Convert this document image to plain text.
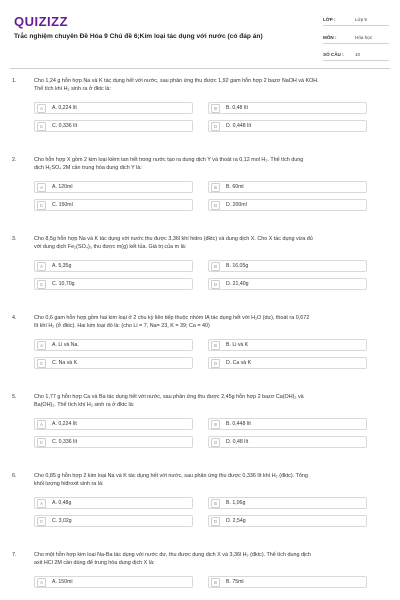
QUIZIZZ
Trắc nghiệm chuyên Đề Hóa 9 Chủ đề 6;Kim loại tác dụng với nước (có đáp án)
LỚP :	Lớp 9
MÔN :	Hóa học
SỐ CÂU :	10
1.	Cho 1,24 g hỗn hợp Na và K tác dụng hết với nước, sau phản ứng thu được 1,92 gam hỗn hợp 2 bazơ NaOH và KOH.
Thể tích khí H₂ sinh ra ở đktc là:
A	A. 0,224 lít	B	B. 0,48 lít
C	C. 0,336 lít	D	D. 0,448 lít
2.	Cho hỗn hợp X gồm 2 kim loại kiềm tan hết trong nước tạo ra dung dịch Y và thoát ra 0,12 mol H₂. Thể tích dung
dịch H₂SO₄ 2M cần trung hòa dung dịch Y là:
A	A. 120ml	B	B. 60ml
C	C. 150ml	D	D. 200ml
3.	Cho 8,5g hỗn hợp Na và K tác dụng với nước thu được 3,36l khí hidro (đktc) và dung dịch X. Cho X tác dụng vừa đủ
với dung dịch Fe₂(SO₄)₃ thu được m(g) kết tủa. Giá trị của m là:
A	A. 5,35g	B	B. 16,05g
C	C. 10,70g	D	D. 21,40g
4.	Cho 0,6 gam hỗn hợp gồm hai kim loại ở 2 chu kỳ liên tiếp thuộc nhóm IA tác dụng hết với H₂O (dư), thoát ra 0,672
lít khí H₂ (ở đktc). Hai kim loại đó là: (cho Li = 7, Na= 23, K = 39; Ca = 40)
A	A. Li và Na.	B	B. Li và K
C	C. Na và K.	D	D. Ca và K
5.	Cho 1,77 g hỗn hợp Ca và Ba tác dụng hết với nước, sau phản ứng thu được 2,45g hỗn hợp 2 bazơ Ca(OH)₂ và
Ba(OH)₂. Thể tích khí H₂ sinh ra ở đktc là:
A	A. 0,224 lít	B	B. 0,448 lít
C	C. 0,336 lít	D	D. 0,48 lít
6.	Cho 0,85 g hỗn hợp 2 kim loại Na và K tác dụng hết với nước, sau phản ứng thu được 0,336 lít khí H₂ (đktc). Tổng
khối lượng hiđroxit sinh ra là:
A	A. 0,48g	B	B. 1,06g
C	C. 3,02g	D	D. 2,54g
7.	Cho một hỗn hợp kim loại Na-Ba tác dụng với nước dư, thu được dung dịch X và 3,36l H₂ (đktc). Thể tích dung dịch
axit HCl 2M cần dùng để trung hòa dung dịch X là:
A	A. 150ml	B	B. 75ml
